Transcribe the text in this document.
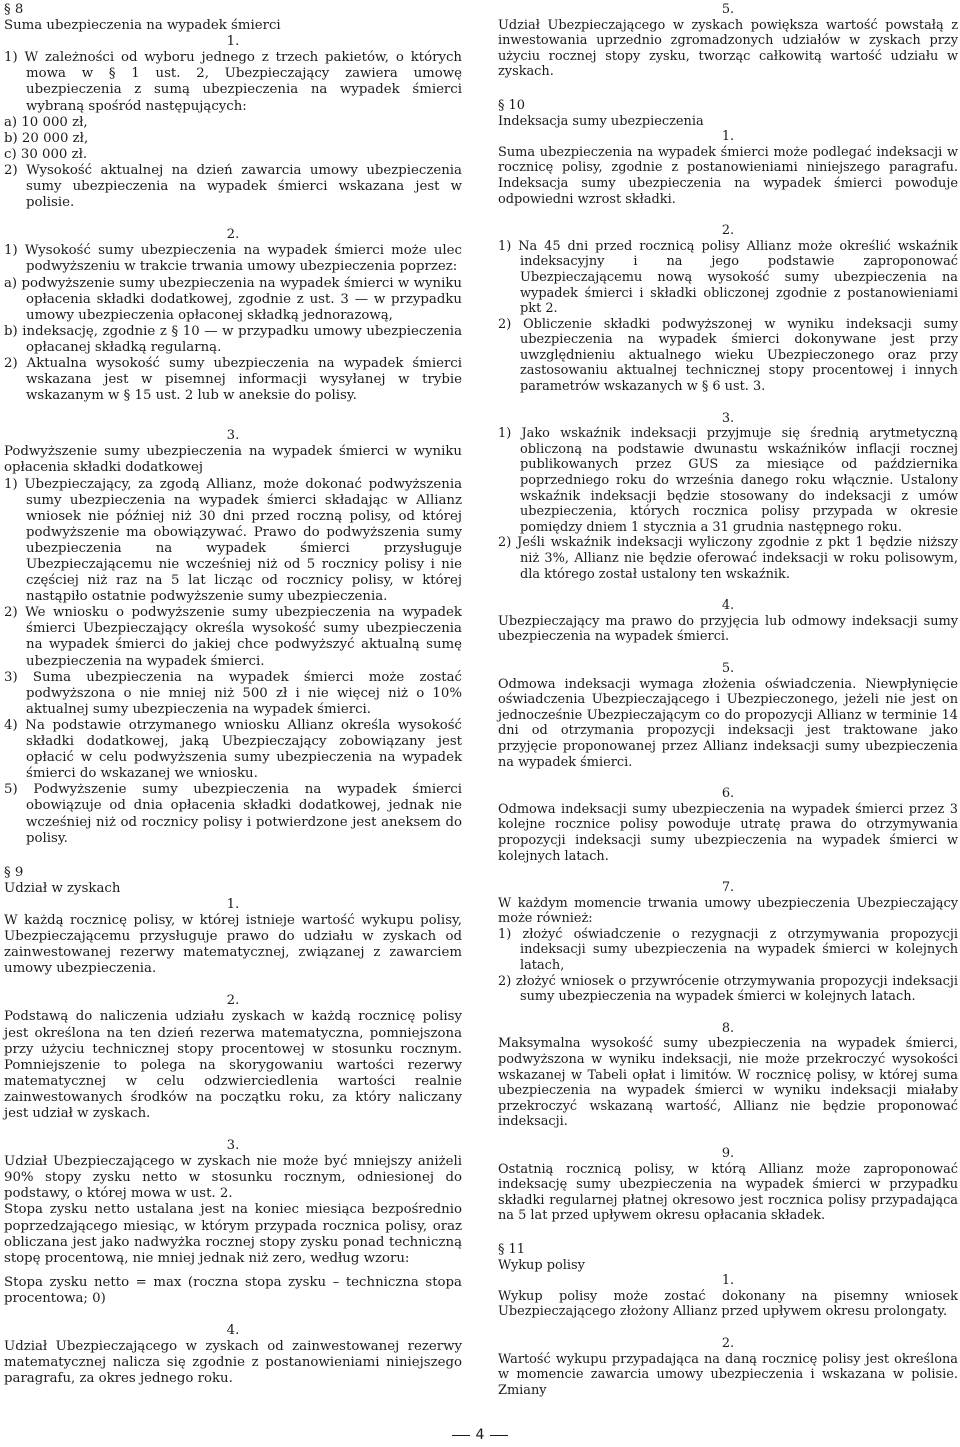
§ 8

Suma ubezpieczenia na wypadek śmierci

1.

1) W zależności od wyboru jednego z trzech pakietów, o których mowa w § 1 ust. 2, Ubezpieczający zawiera umowę ubezpieczenia z sumą ubezpieczenia na wypadek śmierci wybraną spośród następujących:

a) 10 000 zł,

b) 20 000 zł,

c) 30 000 zł.

2) Wysokość aktualnej na dzień zawarcia umowy ubezpieczenia sumy ubezpieczenia na wypadek śmierci wskazana jest w polisie.

2.

1) Wysokość sumy ubezpieczenia na wypadek śmierci może ulec podwyższeniu w trakcie trwania umowy ubezpieczenia poprzez:

a) podwyższenie sumy ubezpieczenia na wypadek śmierci w wyniku opłacenia składki dodatkowej, zgodnie z ust. 3 — w przypadku umowy ubezpieczenia opłaconej składką jednorazową,

b) indeksację, zgodnie z § 10 — w przypadku umowy ubezpieczenia opłacanej składką regularną.

2) Aktualna wysokość sumy ubezpieczenia na wypadek śmierci wskazana jest w pisemnej informacji wysyłanej w trybie wskazanym w § 15 ust. 2 lub w aneksie do polisy.

3.

Podwyższenie sumy ubezpieczenia na wypadek śmierci w wyniku opłacenia składki dodatkowej

1) Ubezpieczający, za zgodą Allianz, może dokonać podwyższenia sumy ubezpieczenia na wypadek śmierci składając w Allianz wniosek nie później niż 30 dni przed roczną polisy, od której podwyższenie ma obowiązywać. Prawo do podwyższenia sumy ubezpieczenia na wypadek śmierci przysługuje Ubezpieczającemu nie wcześniej niż od 5 rocznicy polisy i nie częściej niż raz na 5 lat licząc od rocznicy polisy, w której nastąpiło ostatnie podwyższenie sumy ubezpieczenia.

2) We wniosku o podwyższenie sumy ubezpieczenia na wypadek śmierci Ubezpieczający określa wysokość sumy ubezpieczenia na wypadek śmierci do jakiej chce podwyższyć aktualną sumę ubezpieczenia na wypadek śmierci.

3) Suma ubezpieczenia na wypadek śmierci może zostać podwyższona o nie mniej niż 500 zł i nie więcej niż o 10% aktualnej sumy ubezpieczenia na wypadek śmierci.

4) Na podstawie otrzymanego wniosku Allianz określa wysokość składki dodatkowej, jaką Ubezpieczający zobowiązany jest opłacić w celu podwyższenia sumy ubezpieczenia na wypadek śmierci do wskazanej we wniosku.

5) Podwyższenie sumy ubezpieczenia na wypadek śmierci obowiązuje od dnia opłacenia składki dodatkowej, jednak nie wcześniej niż od rocznicy polisy i potwierdzone jest aneksem do polisy.

§ 9

Udział w zyskach

1.

W każdą rocznicę polisy, w której istnieje wartość wykupu polisy, Ubezpieczającemu przysługuje prawo do udziału w zyskach od zainwestowanej rezerwy matematycznej, związanej z zawarciem umowy ubezpieczenia.

2.

Podstawą do naliczenia udziału zyskach w każdą rocznicę polisy jest określona na ten dzień rezerwa matematyczna, pomniejszona przy użyciu technicznej stopy procentowej w stosunku rocznym. Pomniejszenie to polega na skorygowaniu wartości rezerwy matematycznej w celu odzwierciedlenia wartości realnie zainwestowanych środków na początku roku, za który naliczany jest udział w zyskach.

3.

Udział Ubezpieczającego w zyskach nie może być mniejszy aniżeli 90% stopy zysku netto w stosunku rocznym, odniesionej do podstawy, o której mowa w ust. 2.

Stopa zysku netto ustalana jest na koniec miesiąca bezpośrednio poprzedzającego miesiąc, w którym przypada rocznica polisy, oraz obliczana jest jako nadwyżka rocznej stopy zysku ponad techniczną stopę procentową, nie mniej jednak niż zero, według wzoru:

Stopa zysku netto = max (roczna stopa zysku – techniczna stopa procentowa; 0)

4.

Udział Ubezpieczającego w zyskach od zainwestowanej rezerwy matematycznej nalicza się zgodnie z postanowieniami niniejszego paragrafu, za okres jednego roku.

5.

Udział Ubezpieczającego w zyskach powiększa wartość powstałą z inwestowania uprzednio zgromadzonych udziałów w zyskach przy użyciu rocznej stopy zysku, tworząc całkowitą wartość udziału w zyskach.

§ 10

Indeksacja sumy ubezpieczenia

1.

Suma ubezpieczenia na wypadek śmierci może podlegać indeksacji w rocznicę polisy, zgodnie z postanowieniami niniejszego paragrafu. Indeksacja sumy ubezpieczenia na wypadek śmierci powoduje odpowiedni wzrost składki.

2.

1) Na 45 dni przed rocznicą polisy Allianz może określić wskaźnik indeksacyjny i na jego podstawie zaproponować Ubezpieczającemu nową wysokość sumy ubezpieczenia na wypadek śmierci i składki obliczonej zgodnie z postanowieniami pkt 2.

2) Obliczenie składki podwyższonej w wyniku indeksacji sumy ubezpieczenia na wypadek śmierci dokonywane jest przy uwzględnieniu aktualnego wieku Ubezpieczonego oraz przy zastosowaniu aktualnej technicznej stopy procentowej i innych parametrów wskazanych w § 6 ust. 3.

3.

1) Jako wskaźnik indeksacji przyjmuje się średnią arytmetyczną obliczoną na podstawie dwunastu wskaźników inflacji rocznej publikowanych przez GUS za miesiące od października poprzedniego roku do września danego roku włącznie. Ustalony wskaźnik indeksacji będzie stosowany do indeksacji z umów ubezpieczenia, których rocznica polisy przypada w okresie pomiędzy dniem 1 stycznia a 31 grudnia następnego roku.

2) Jeśli wskaźnik indeksacji wyliczony zgodnie z pkt 1 będzie niższy niż 3%, Allianz nie będzie oferować indeksacji w roku polisowym, dla którego został ustalony ten wskaźnik.

4.

Ubezpieczający ma prawo do przyjęcia lub odmowy indeksacji sumy ubezpieczenia na wypadek śmierci.

5.

Odmowa indeksacji wymaga złożenia oświadczenia. Niewpłynięcie oświadczenia Ubezpieczającego i Ubezpieczonego, jeżeli nie jest on jednocześnie Ubezpieczającym co do propozycji Allianz w terminie 14 dni od otrzymania propozycji indeksacji jest traktowane jako przyjęcie proponowanej przez Allianz indeksacji sumy ubezpieczenia na wypadek śmierci.

6.

Odmowa indeksacji sumy ubezpieczenia na wypadek śmierci przez 3 kolejne rocznice polisy powoduje utratę prawa do otrzymywania propozycji indeksacji sumy ubezpieczenia na wypadek śmierci w kolejnych latach.

7.

W każdym momencie trwania umowy ubezpieczenia Ubezpieczający może również:

1) złożyć oświadczenie o rezygnacji z otrzymywania propozycji indeksacji sumy ubezpieczenia na wypadek śmierci w kolejnych latach,

2) złożyć wniosek o przywrócenie otrzymywania propozycji indeksacji sumy ubezpieczenia na wypadek śmierci w kolejnych latach.

8.

Maksymalna wysokość sumy ubezpieczenia na wypadek śmierci, podwyższona w wyniku indeksacji, nie może przekroczyć wysokości wskazanej w Tabeli opłat i limitów. W rocznicę polisy, w której suma ubezpieczenia na wypadek śmierci w wyniku indeksacji miałaby przekroczyć wskazaną wartość, Allianz nie będzie proponować indeksacji.

9.

Ostatnią rocznicą polisy, w którą Allianz może zaproponować indeksację sumy ubezpieczenia na wypadek śmierci w przypadku składki regularnej płatnej okresowo jest rocznica polisy przypadająca na 5 lat przed upływem okresu opłacania składek.

§ 11

Wykup polisy

1.

Wykup polisy może zostać dokonany na pisemny wniosek Ubezpieczającego złożony Allianz przed upływem okresu prolongaty.

2.

Wartość wykupu przypadająca na daną rocznicę polisy jest określona w momencie zawarcia umowy ubezpieczenia i wskazana w polisie. Zmiany

4
